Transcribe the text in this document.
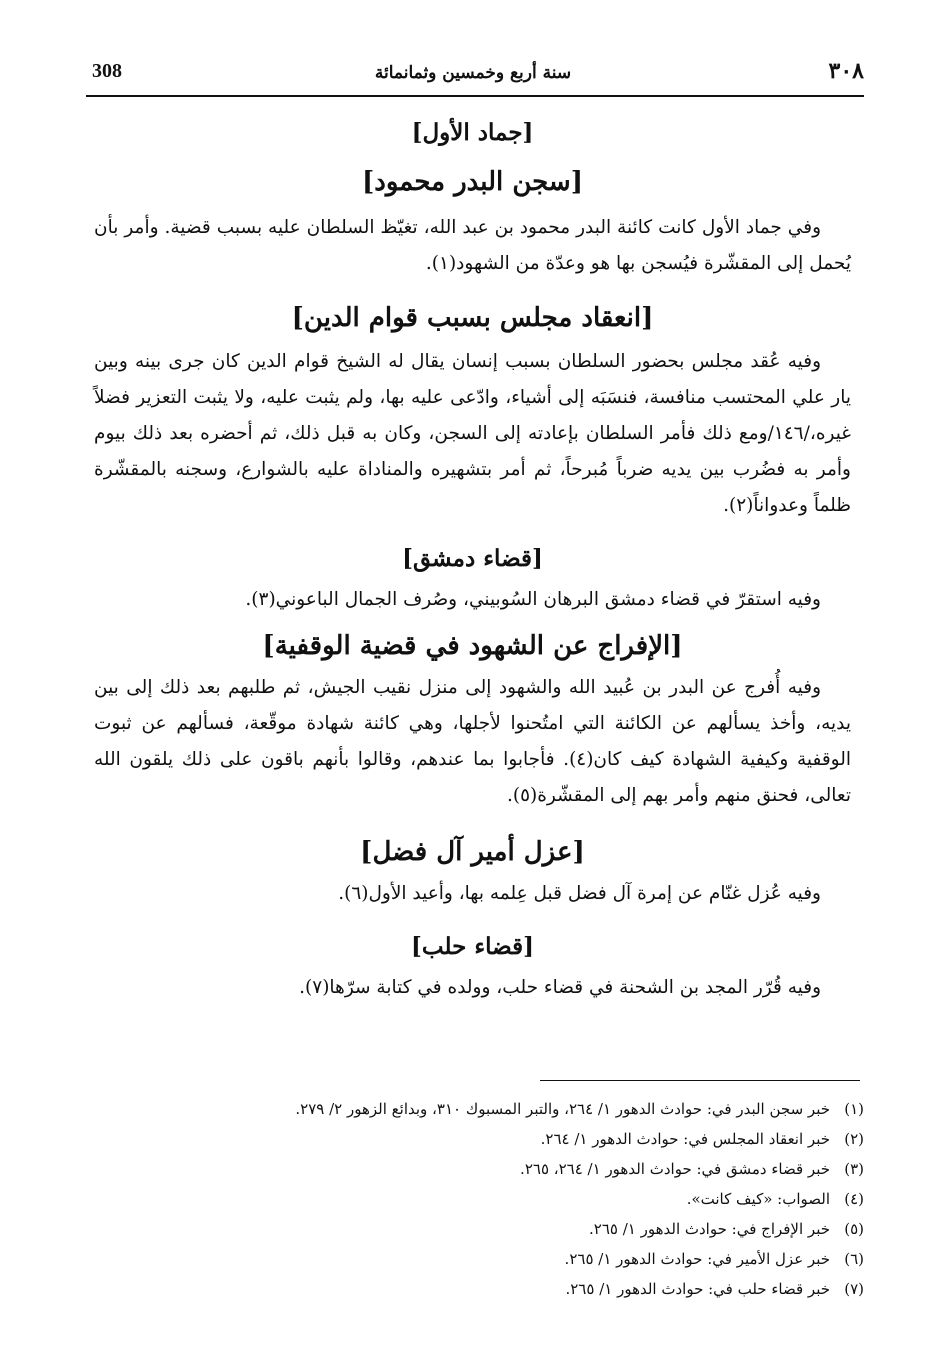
٣٠٨
سنة أربع وخمسين وثمانمائة
308
[جماد الأول]
[سجن البدر محمود]

وفي جماد الأول كانت كائنة البدر محمود بن عبد الله، تغيّظ السلطان عليه بسبب قضية. وأمر بأن يُحمل إلى المقشّرة فيُسجن بها هو وعدّة من الشهود(١).

[انعقاد مجلس بسبب قوام الدين]

وفيه عُقد مجلس بحضور السلطان بسبب إنسان يقال له الشيخ قوام الدين كان جرى بينه وبين يار علي المحتسب منافسة، فنسَبَه إلى أشياء، وادّعى عليه بها، ولم يثبت عليه، ولا يثبت التعزير فضلاً غيره،/١٤٦/ومع ذلك فأمر السلطان بإعادته إلى السجن، وكان به قبل ذلك، ثم أحضره بعد ذلك بيوم وأمر به فضُرب بين يديه ضرباً مُبرحاً، ثم أمر بتشهيره والمناداة عليه بالشوارع، وسجنه بالمقشّرة ظلماً وعدواناً(٢).

[قضاء دمشق]

وفيه استقرّ في قضاء دمشق البرهان السُوبيني، وصُرف الجمال الباعوني(٣).

[الإفراج عن الشهود في قضية الوقفية]

وفيه أُفرج عن البدر بن عُبيد الله والشهود إلى منزل نقيب الجيش، ثم طلبهم بعد ذلك إلى بين يديه، وأخذ يسألهم عن الكائنة التي امتُحنوا لأجلها، وهي كائنة شهادة موقّعة، فسألهم عن ثبوت الوقفية وكيفية الشهادة كيف كان(٤). فأجابوا بما عندهم، وقالوا بأنهم باقون على ذلك يلقون الله تعالى، فحنق منهم وأمر بهم إلى المقشّرة(٥).

[عزل أمير آل فضل]

وفيه عُزل غنّام عن إمرة آل فضل قبل عِلمه بها، وأعيد الأول(٦).

[قضاء حلب]

وفيه قُرّر المجد بن الشحنة في قضاء حلب، وولده في كتابة سرّها(٧).

(١)خبر سجن البدر في: حوادث الدهور ١/ ٢٦٤، والتبر المسبوك ٣١٠، وبدائع الزهور ٢/ ٢٧٩.
(٢)خبر انعقاد المجلس في: حوادث الدهور ١/ ٢٦٤.
(٣)خبر قضاء دمشق في: حوادث الدهور ١/ ٢٦٤، ٢٦٥.
(٤)الصواب: «كيف كانت».
(٥)خبر الإفراج في: حوادث الدهور ١/ ٢٦٥.
(٦)خبر عزل الأمير في: حوادث الدهور ١/ ٢٦٥.
(٧)خبر قضاء حلب في: حوادث الدهور ١/ ٢٦٥.
